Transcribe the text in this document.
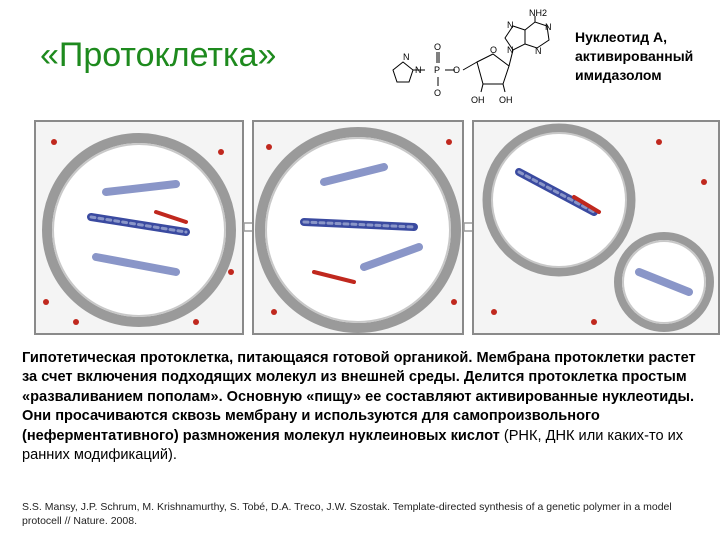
«Протоклетка»	N
N P
O
O
O
O
OH OH
N
N	N
N
NH2
Нуклеотид A,
активированный
имидазолом
Гипотетическая протоклетка, питающаяся готовой органикой. Мембрана протоклетки растет за счет включения подходящих молекул из внешней среды. Делится протоклетка простым «разваливанием пополам». Основную «пищу» ее составляют активированные нуклеотиды. Они просачиваются сквозь мембрану и используются для самопроизвольного (неферментативного) размножения молекул нуклеиновых кислот (РНК, ДНК или каких-то их ранних модификаций).
S.S. Mansy, J.P. Schrum, M. Krishnamurthy, S. Tobé, D.A. Treco, J.W. Szostak. Template-directed synthesis of a genetic polymer in a model protocell // Nature. 2008.
